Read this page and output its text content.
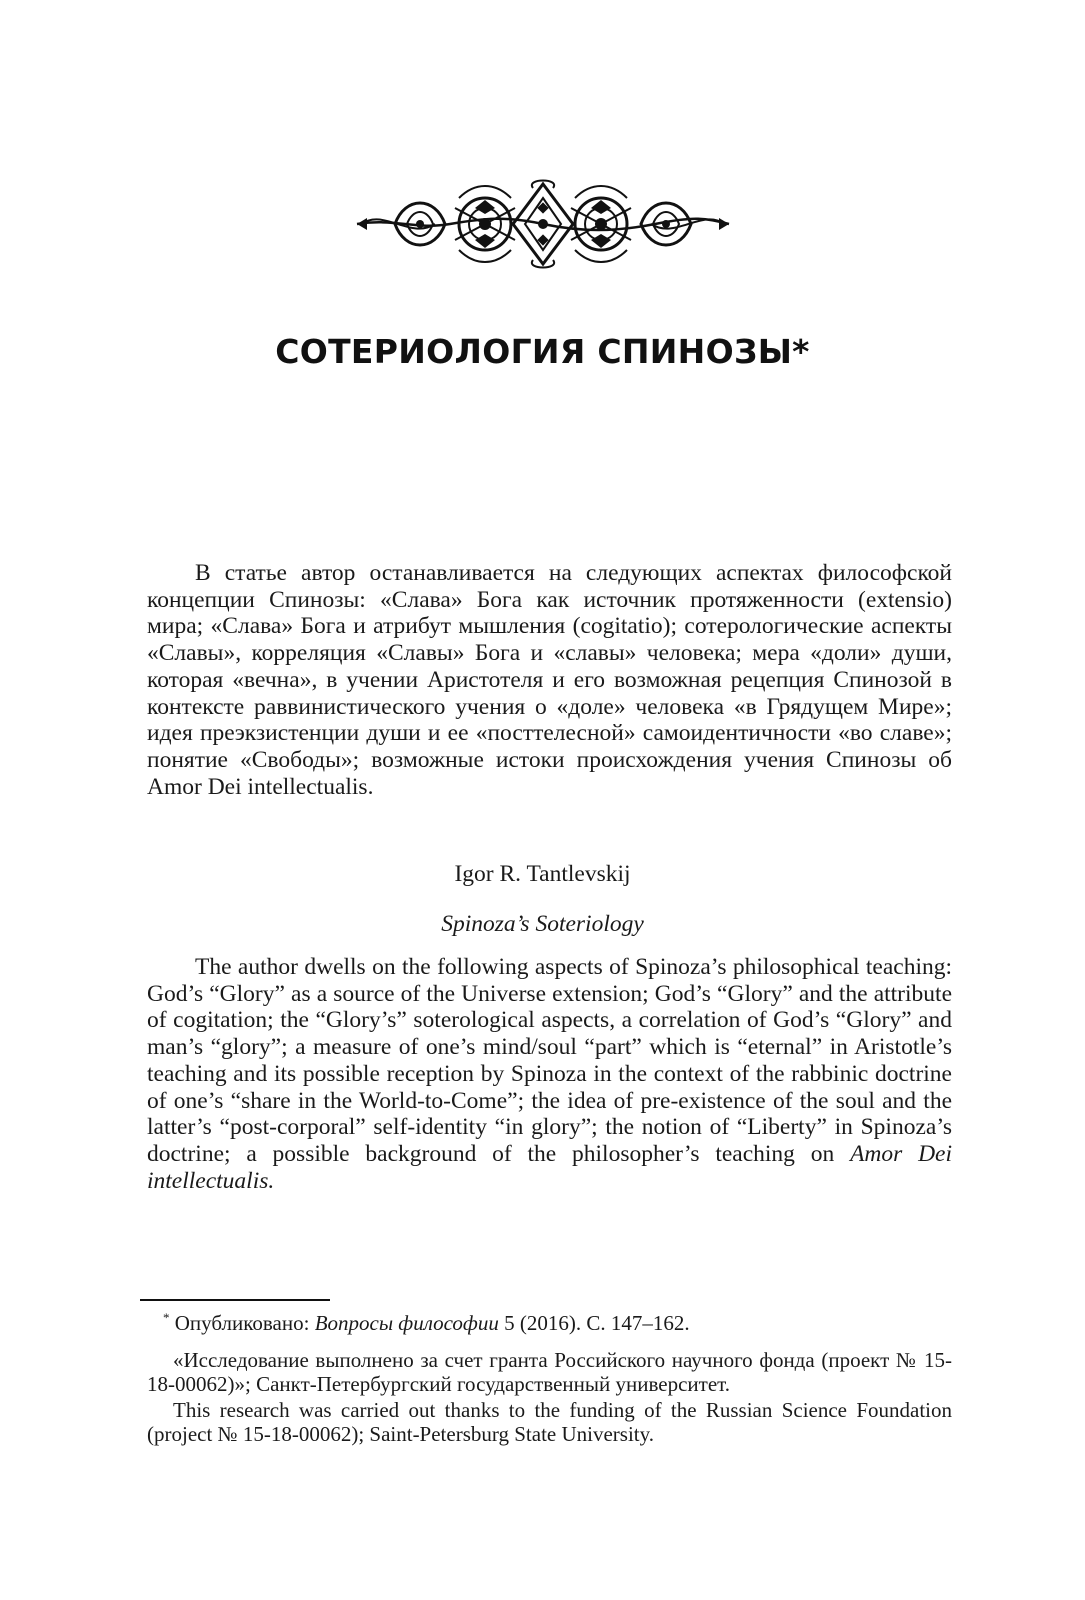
СОТЕРИОЛОГИЯ СПИНОЗЫ*

В статье автор останавливается на следующих аспектах философской концепции Спинозы: «Слава» Бога как источник протяженности (extensio) мира; «Слава» Бога и атрибут мышления (cogitatio); сотерологические аспекты «Славы», корреляция «Славы» Бога и «славы» человека; мера «доли» души, которая «вечна», в учении Аристотеля и его возможная рецепция Спинозой в контексте раввинистического учения о «доле» человека «в Грядущем Мире»; идея преэкзистенции души и ее «посттелесной» самоидентичности «во славе»; понятие «Свободы»; возможные истоки происхождения учения Спинозы об Amor Dei intellectualis.

Igor R. Tantlevskij
Spinoza’s Soteriology

The author dwells on the following aspects of Spinoza’s philosophical teaching: God’s “Glory” as a source of the Universe extension; God’s “Glory” and the attribute of cogitation; the “Glory’s” soterological aspects, a correlation of God’s “Glory” and man’s “glory”; a measure of one’s mind/soul “part” which is “eternal” in Aristotle’s teaching and its possible reception by Spinoza in the context of the rabbinic doctrine of one’s “share in the World-to-Come”; the idea of pre-existence of the soul and the latter’s “post-corporal” self-identity “in glory”; the notion of “Liberty” in Spinoza’s doctrine; a possible background of the philosopher’s teaching on Amor Dei intellectualis.

* Опубликовано: Вопросы философии 5 (2016). С. 147–162.

«Исследование выполнено за счет гранта Российского научного фонда (проект № 15-18-00062)»; Санкт-Петербургский государственный университет.

This research was carried out thanks to the funding of the Russian Science Foundation (project № 15-18-00062); Saint-Petersburg State University.
